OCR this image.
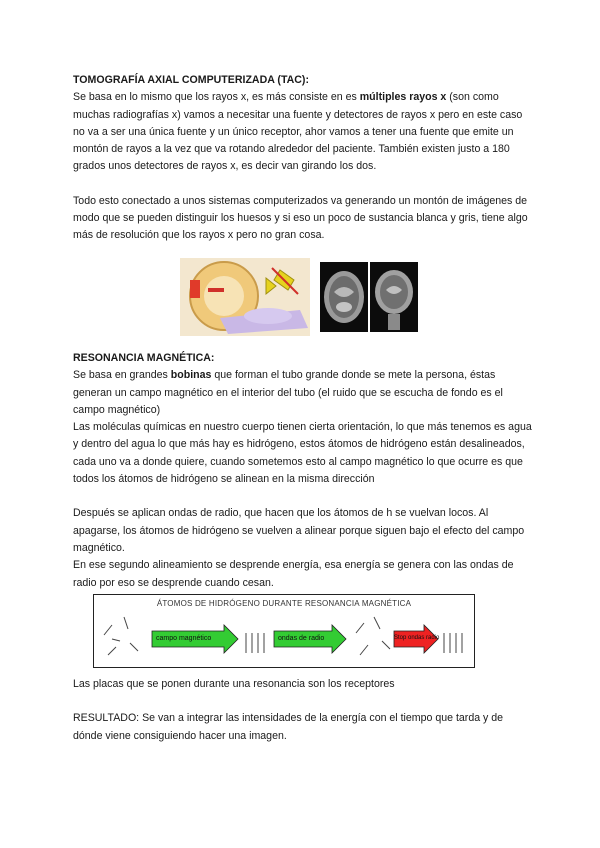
TOMOGRAFÍA AXIAL COMPUTERIZADA (TAC):

Se basa en lo mismo que los rayos x, es más consiste en es múltiples rayos x (son como muchas radiografías x) vamos a necesitar una fuente y detectores de rayos x pero en este caso no va a ser una única fuente y un único receptor, ahor vamos a tener una fuente que emite un montón de rayos a la vez que va rotando alrededor del paciente. También existen justo a 180 grados unos detectores de rayos x, es decir van girando los dos.

Todo esto conectado a unos sistemas computerizados va generando un montón de imágenes de modo que se pueden distinguir los huesos y si eso un poco de sustancia blanca y gris, tiene algo más de resolución que los rayos x pero no gran cosa.

RESONANCIA MAGNÉTICA:

Se basa en grandes bobinas que forman el tubo grande donde se mete la persona, éstas generan un campo magnético en el interior del tubo (el ruido que se escucha de fondo es el campo magnético)

Las moléculas químicas en nuestro cuerpo tienen cierta orientación, lo que más tenemos es agua y dentro del agua lo que más hay es hidrógeno, estos átomos de hidrógeno están desalineados, cada uno va a donde quiere, cuando sometemos esto al campo magnético lo que ocurre es que todos los átomos de hidrógeno se alinean en la misma dirección

Después se aplican ondas de radio, que hacen que los átomos de h se vuelvan locos. Al apagarse, los átomos de hidrógeno se vuelven a alinear porque siguen bajo el efecto del campo magnético.

En ese segundo alineamiento se desprende energía, esa energía se genera con las ondas de radio por eso se desprende cuando cesan.

ÁTOMOS DE HIDRÓGENO DURANTE RESONANCIA MAGNÉTICA
campo magnético	ondas de radio	Stop ondas radio

Las placas que se ponen durante una resonancia son los receptores

RESULTADO: Se van a integrar las intensidades de la energía con el tiempo que tarda y de dónde viene consiguiendo hacer una imagen.
